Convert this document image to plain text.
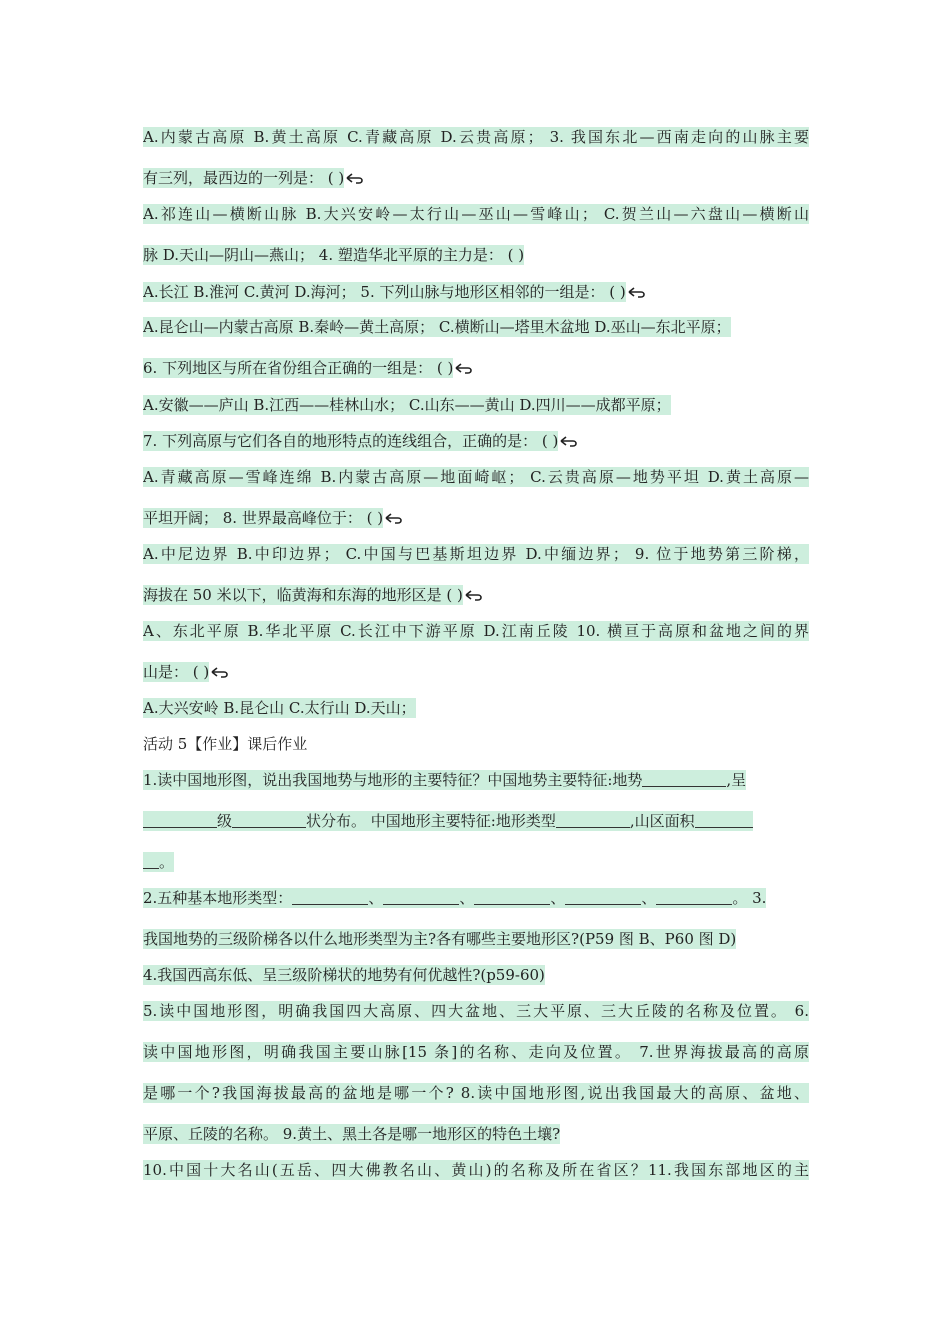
A.内蒙古高原 B.黄土高原 C.青藏高原 D.云贵高原； 3. 我国东北—西南走向的山脉主要
有三列，最西边的一列是： ( )
A.祁连山—横断山脉 B.大兴安岭—太行山—巫山—雪峰山； C.贺兰山—六盘山—横断山
脉 D.天山—阴山—燕山； 4. 塑造华北平原的主力是： ( )
A.长江 B.淮河 C.黄河 D.海河； 5. 下列山脉与地形区相邻的一组是： ( )
A.昆仑山—内蒙古高原 B.秦岭—黄土高原； C.横断山—塔里木盆地 D.巫山—东北平原；
6. 下列地区与所在省份组合正确的一组是： ( )
A.安徽——庐山 B.江西——桂林山水； C.山东——黄山 D.四川——成都平原；
7. 下列高原与它们各自的地形特点的连线组合，正确的是： ( )
A.青藏高原—雪峰连绵 B.内蒙古高原—地面崎岖； C.云贵高原—地势平坦 D.黄土高原—
平坦开阔； 8. 世界最高峰位于： ( )
A.中尼边界 B.中印边界； C.中国与巴基斯坦边界 D.中缅边界； 9. 位于地势第三阶梯，
海拔在 50 米以下，临黄海和东海的地形区是 ( )
A、东北平原 B.华北平原 C.长江中下游平原 D.江南丘陵 10. 横亘于高原和盆地之间的界
山是： ( )
A.大兴安岭 B.昆仑山 C.太行山 D.天山；
活动 5【作业】课后作业
1.读中国地形图，说出我国地势与地形的主要特征？中国地势主要特征:地势	,呈
级	状分布。 中国地形主要特征:地形类型	,山区面积
。
2.五种基本地形类型：	、	、	、	、	。 3.
我国地势的三级阶梯各以什么地形类型为主?各有哪些主要地形区?(P59 图 B、P60 图 D)
4.我国西高东低、呈三级阶梯状的地势有何优越性?(p59-60)
5.读中国地形图，明确我国四大高原、四大盆地、三大平原、三大丘陵的名称及位置。 6.
读中国地形图，明确我国主要山脉[15 条]的名称、走向及位置。 7.世界海拔最高的高原
是哪一个?我国海拔最高的盆地是哪一个? 8.读中国地形图,说出我国最大的高原、盆地、
平原、丘陵的名称。 9.黄土、黑土各是哪一地形区的特色土壤?
10.中国十大名山(五岳、四大佛教名山、黄山)的名称及所在省区？11.我国东部地区的主
